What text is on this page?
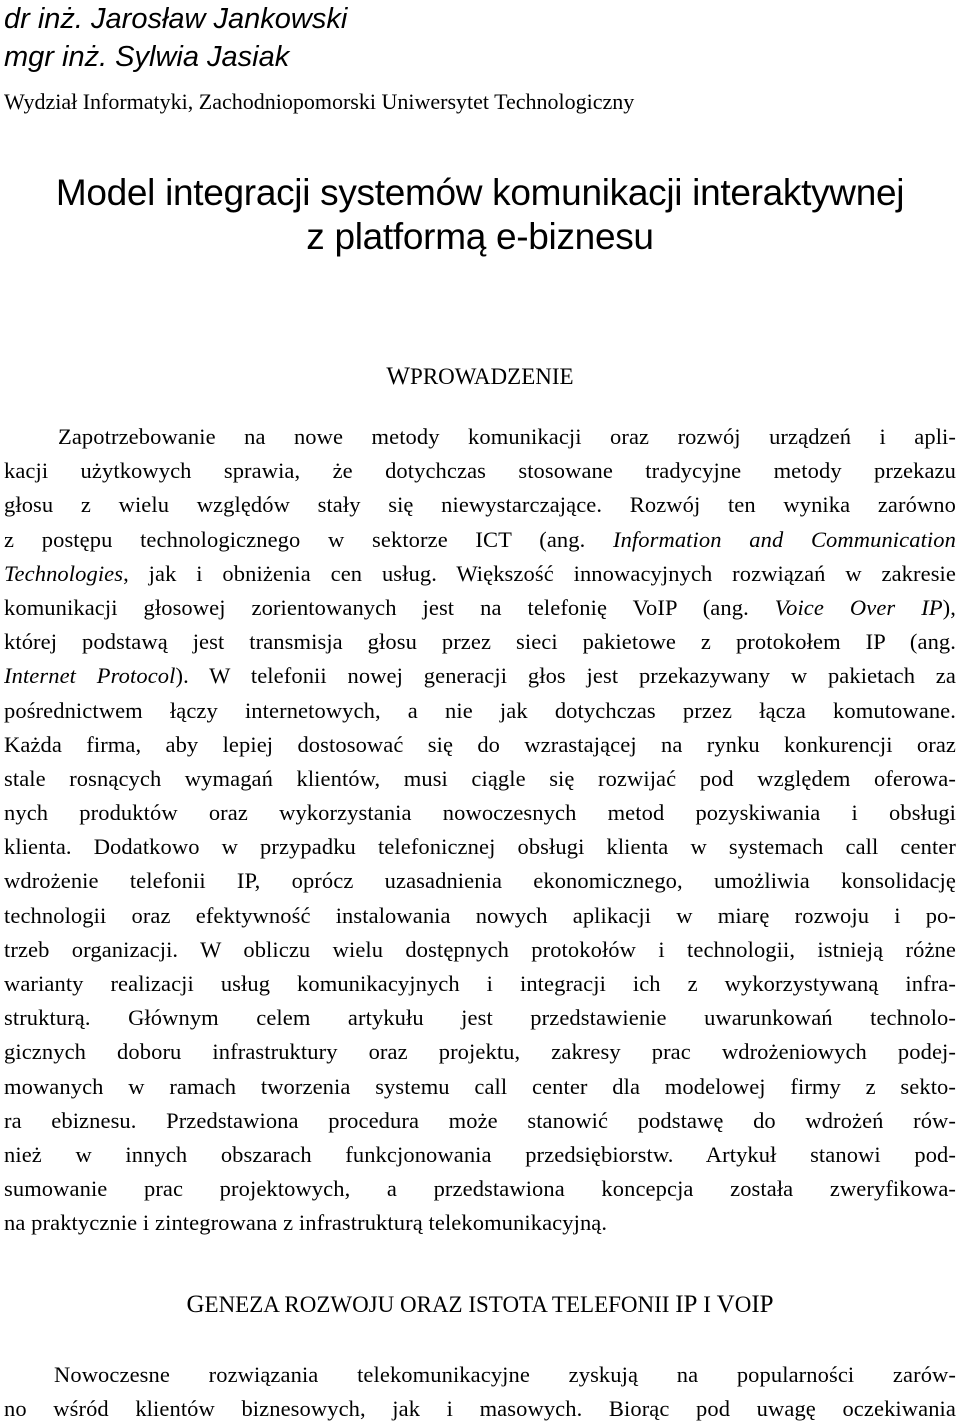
dr inż. Jarosław Jankowski
mgr inż. Sylwia Jasiak
Wydział Informatyki, Zachodniopomorski Uniwersytet Technologiczny
Model integracji systemów komunikacji interaktywnej
z platformą e-biznesu
WPROWADZENIE
Zapotrzebowanie na nowe metody komunikacji oraz rozwój urządzeń i apli-
kacji użytkowych sprawia, że dotychczas stosowane tradycyjne metody przekazu
głosu z wielu względów stały się niewystarczające. Rozwój ten wynika zarówno
z postępu technologicznego w sektorze ICT (ang. Information and Communication
Technologies, jak i obniżenia cen usług. Większość innowacyjnych rozwiązań w zakresie
komunikacji głosowej zorientowanych jest na telefonię VoIP (ang. Voice Over IP),
której podstawą jest transmisja głosu przez sieci pakietowe z protokołem IP (ang.
Internet Protocol). W telefonii nowej generacji głos jest przekazywany w pakietach za
pośrednictwem łączy internetowych, a nie jak dotychczas przez łącza komutowane.
Każda firma, aby lepiej dostosować się do wzrastającej na rynku konkurencji oraz
stale rosnących wymagań klientów, musi ciągle się rozwijać pod względem oferowa-
nych produktów oraz wykorzystania nowoczesnych metod pozyskiwania i obsługi
klienta. Dodatkowo w przypadku telefonicznej obsługi klienta w systemach call center
wdrożenie telefonii IP, oprócz uzasadnienia ekonomicznego, umożliwia konsolidację
technologii oraz efektywność instalowania nowych aplikacji w miarę rozwoju i po-
trzeb organizacji. W obliczu wielu dostępnych protokołów i technologii, istnieją różne
warianty realizacji usług komunikacyjnych i integracji ich z wykorzystywaną infra-
strukturą. Głównym celem artykułu jest przedstawienie uwarunkowań technolo-
gicznych doboru infrastruktury oraz projektu, zakresy prac wdrożeniowych podej-
mowanych w ramach tworzenia systemu call center dla modelowej firmy z sekto-
ra ebiznesu. Przedstawiona procedura może stanowić podstawę do wdrożeń rów-
nież w innych obszarach funkcjonowania przedsiębiorstw. Artykuł stanowi pod-
sumowanie prac projektowych, a przedstawiona koncepcja została zweryfikowa-
na praktycznie i zintegrowana z infrastrukturą telekomunikacyjną.
GENEZA ROZWOJU ORAZ ISTOTA TELEFONII IP I VOIP
Nowoczesne rozwiązania telekomunikacyjne zyskują na popularności zarów-
no wśród klientów biznesowych, jak i masowych. Biorąc pod uwagę oczekiwania
